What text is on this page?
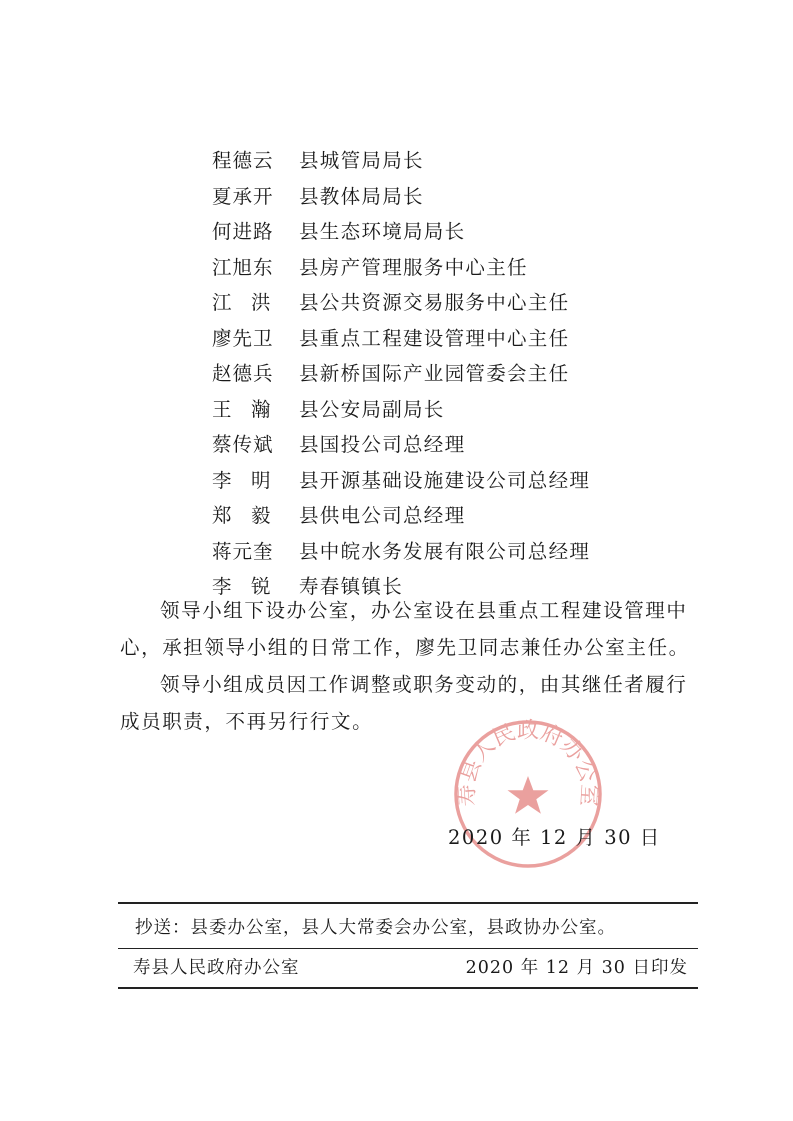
程德云 县城管局局长
夏承开 县教体局局长
何进路 县生态环境局局长
江旭东 县房产管理服务中心主任
江　洪 县公共资源交易服务中心主任
廖先卫 县重点工程建设管理中心主任
赵德兵 县新桥国际产业园管委会主任
王　瀚 县公安局副局长
蔡传斌 县国投公司总经理
李　明 县开源基础设施建设公司总经理
郑　毅 县供电公司总经理
蒋元奎 县中皖水务发展有限公司总经理
李　锐 寿春镇镇长
领导小组下设办公室，办公室设在县重点工程建设管理中心，承担领导小组的日常工作，廖先卫同志兼任办公室主任。
领导小组成员因工作调整或职务变动的，由其继任者履行成员职责，不再另行行文。
寿县人民政府办公室
2020 年 12 月 30 日
抄送：县委办公室，县人大常委会办公室，县政协办公室。
寿县人民政府办公室	2020 年 12 月 30 日印发
